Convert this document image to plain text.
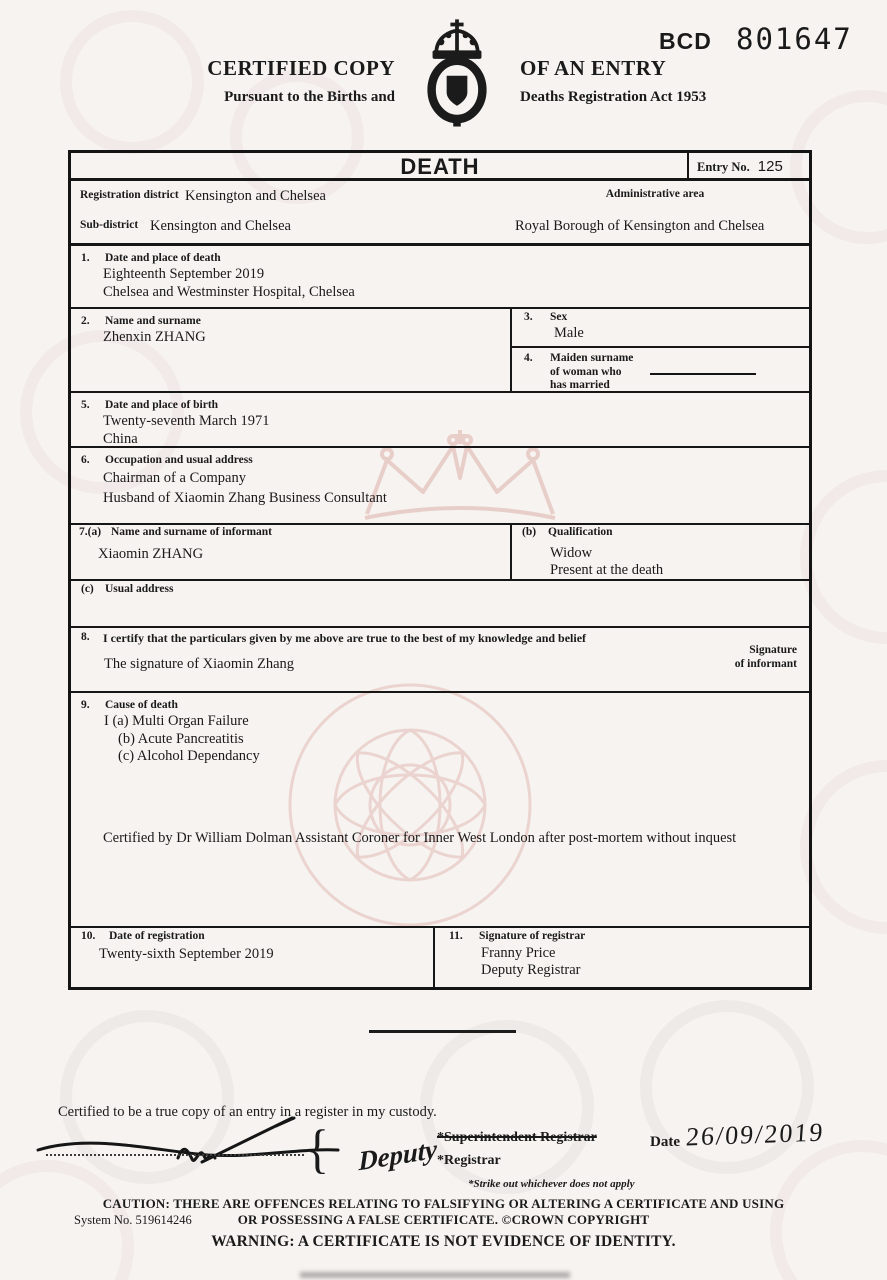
BCD 801647
CERTIFIED COPY	OF AN ENTRY
Pursuant to the Births and	Deaths Registration Act 1953
DEATH	Entry No. 125
Registration district Kensington and Chelsea	Administrative area
Sub-district Kensington and Chelsea	Royal Borough of Kensington and Chelsea
1. Date and place of death
Eighteenth September 2019
Chelsea and Westminster Hospital, Chelsea
2. Name and surname
Zhenxin ZHANG
3.	Sex
Male
4.	Maiden surname
of woman who
has married
5. Date and place of birth
Twenty-seventh March 1971
China
6. Occupation and usual address
Chairman of a Company
Husband of Xiaomin Zhang Business Consultant
7.(a) Name and surname of informant
Xiaomin ZHANG
(b) Qualification
Widow
Present at the death
(c) Usual address
8.	I certify that the particulars given by me above are true to the best of my knowledge and belief
The signature of Xiaomin Zhang
Signature
of informant
9. Cause of death
I (a) Multi Organ Failure
(b) Acute Pancreatitis
(c) Alcohol Dependancy
Certified by Dr William Dolman Assistant Coroner for Inner West London after post-mortem without inquest
10.	Date of registration
Twenty-sixth September 2019
11.	Signature of registrar
Franny Price
Deputy Registrar
Certified to be a true copy of an entry in a register in my custody.
{ Deputy *Superintendent Registrar
*Registrar
*Strike out whichever does not apply
Date 26/09/2019
CAUTION: THERE ARE OFFENCES RELATING TO FALSIFYING OR ALTERING A CERTIFICATE AND USING
OR POSSESSING A FALSE CERTIFICATE. ©CROWN COPYRIGHT
System No. 519614246
WARNING: A CERTIFICATE IS NOT EVIDENCE OF IDENTITY.
